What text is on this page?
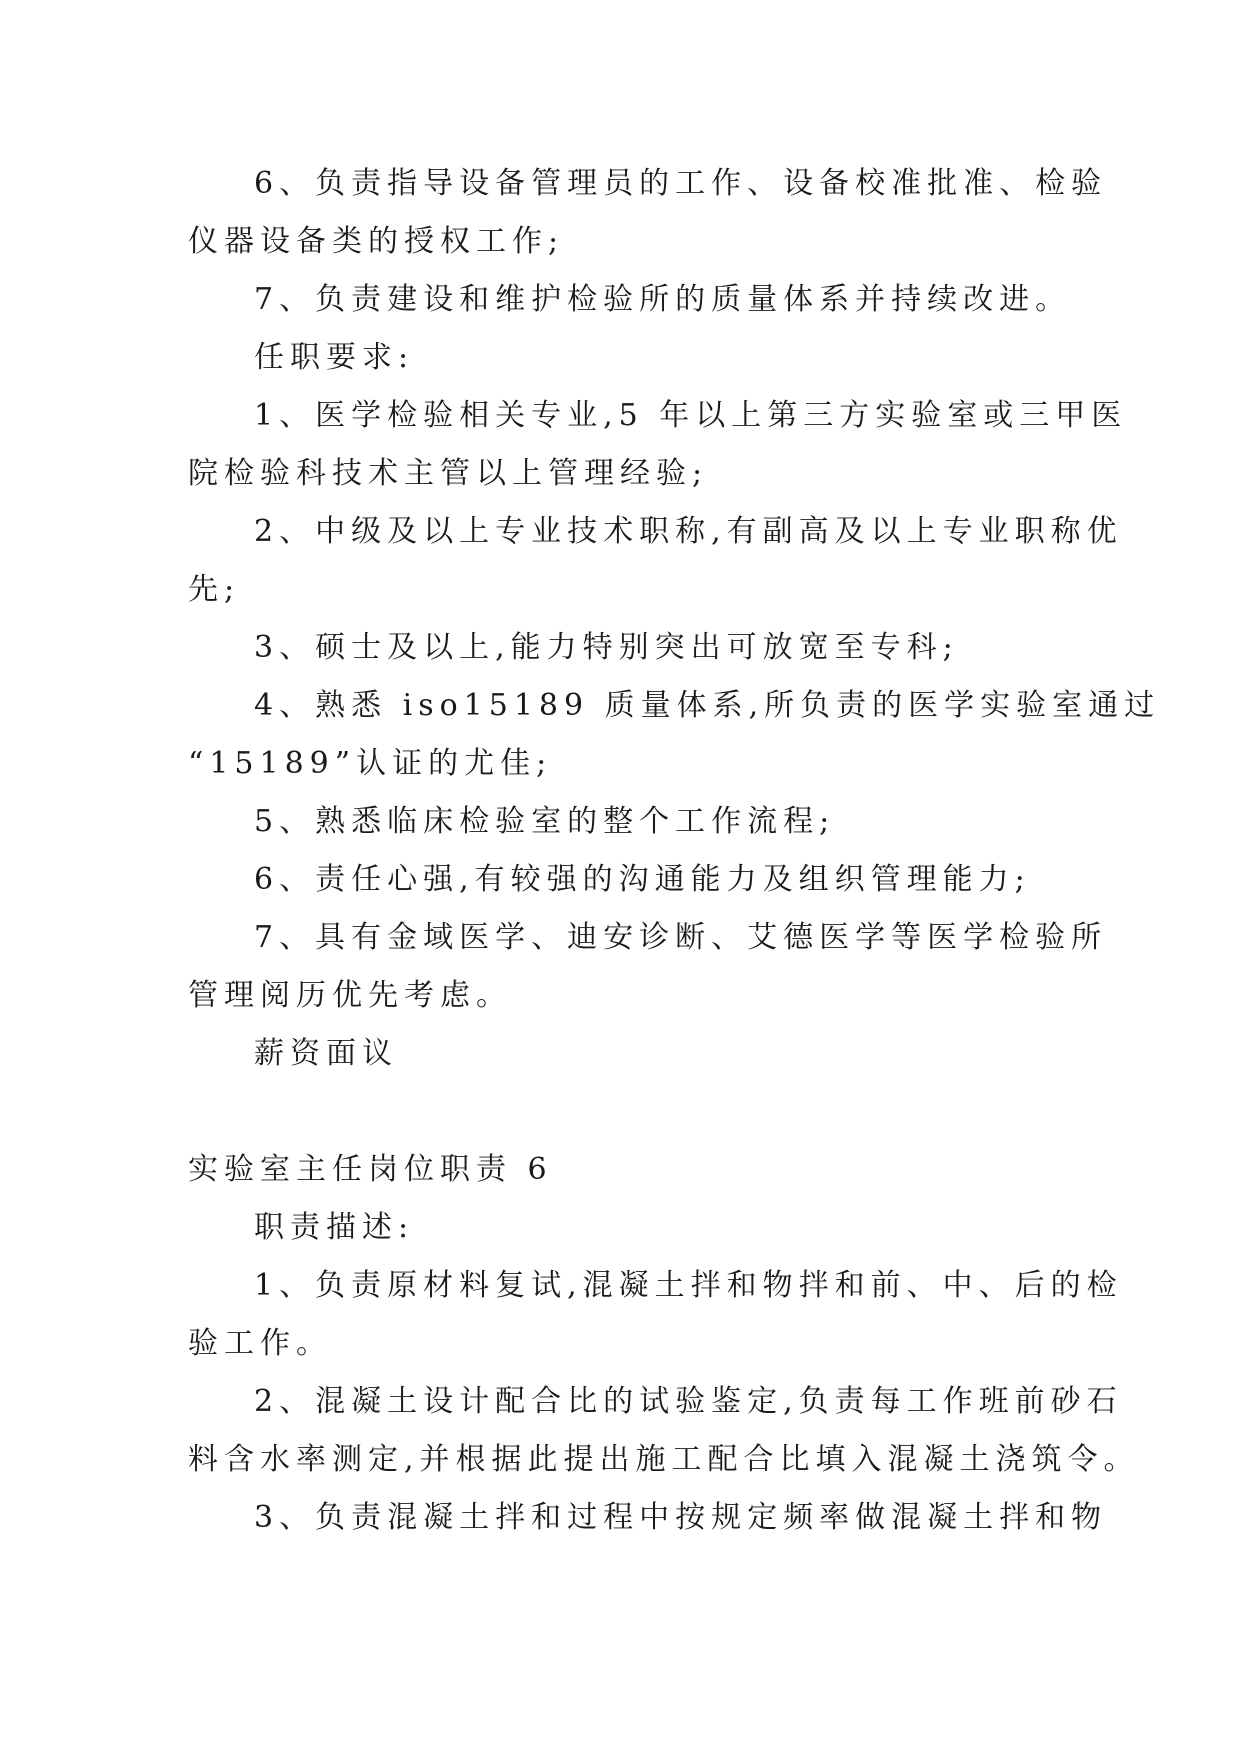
6、负责指导设备管理员的工作、设备校准批准、检验
仪器设备类的授权工作;
7、负责建设和维护检验所的质量体系并持续改进。
任职要求:
1、医学检验相关专业,5 年以上第三方实验室或三甲医
院检验科技术主管以上管理经验;
2、中级及以上专业技术职称,有副高及以上专业职称优
先;
3、硕士及以上,能力特别突出可放宽至专科;
4、熟悉 iso15189 质量体系,所负责的医学实验室通过
“15189”认证的尤佳;
5、熟悉临床检验室的整个工作流程;
6、责任心强,有较强的沟通能力及组织管理能力;
7、具有金域医学、迪安诊断、艾德医学等医学检验所
管理阅历优先考虑。
薪资面议
实验室主任岗位职责 6
职责描述:
1、负责原材料复试,混凝土拌和物拌和前、中、后的检
验工作。
2、混凝土设计配合比的试验鉴定,负责每工作班前砂石
料含水率测定,并根据此提出施工配合比填入混凝土浇筑令。
3、负责混凝土拌和过程中按规定频率做混凝土拌和物
